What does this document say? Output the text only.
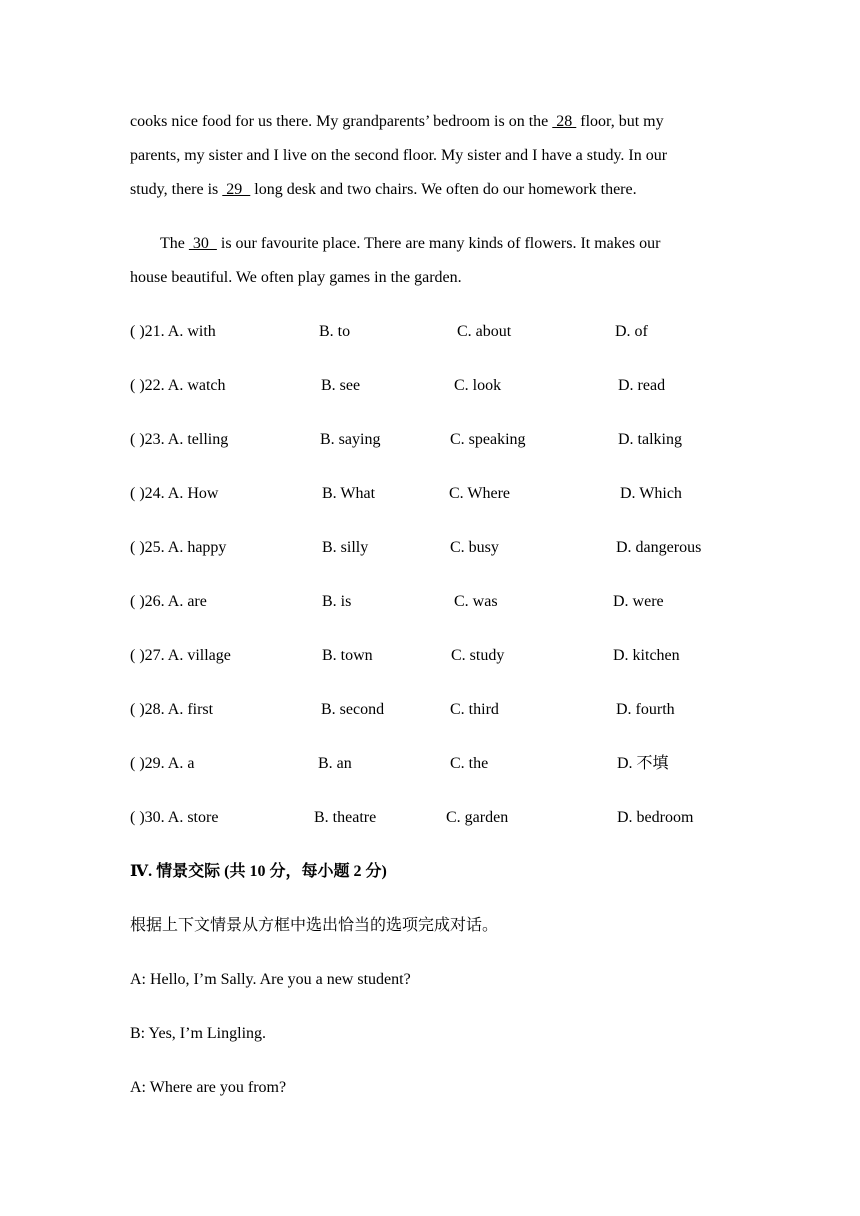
cooks nice food for us there. My grandparents’ bedroom is on the  28  floor, but my
parents, my sister and I live on the second floor. My sister and I have a study. In our
study, there is  29   long desk and two chairs. We often do our homework there.
The  30   is our favourite place. There are many kinds of flowers. It makes our
house beautiful. We often play games in the garden.
( )21. A. with	B. to	C. about	D. of
( )22. A. watch	B. see	C. look	D. read
( )23. A. telling	B. saying	C. speaking	D. talking
( )24. A. How	B. What	C. Where	D. Which
( )25. A. happy	B. silly	C. busy	D. dangerous
( )26. A. are	B. is	C. was	D. were
( )27. A. village	B. town	C. study	D. kitchen
( )28. A. first	B. second	C. third	D. fourth
( )29. A. a	B. an	C. the	D. 不填
( )30. A. store	B. theatre	C. garden	D. bedroom
Ⅳ. 情景交际 (共 10 分，每小题 2 分)
根据上下文情景从方框中选出恰当的选项完成对话。
A: Hello, I’m Sally. Are you a new student?
B: Yes, I’m Lingling.
A: Where are you from?
